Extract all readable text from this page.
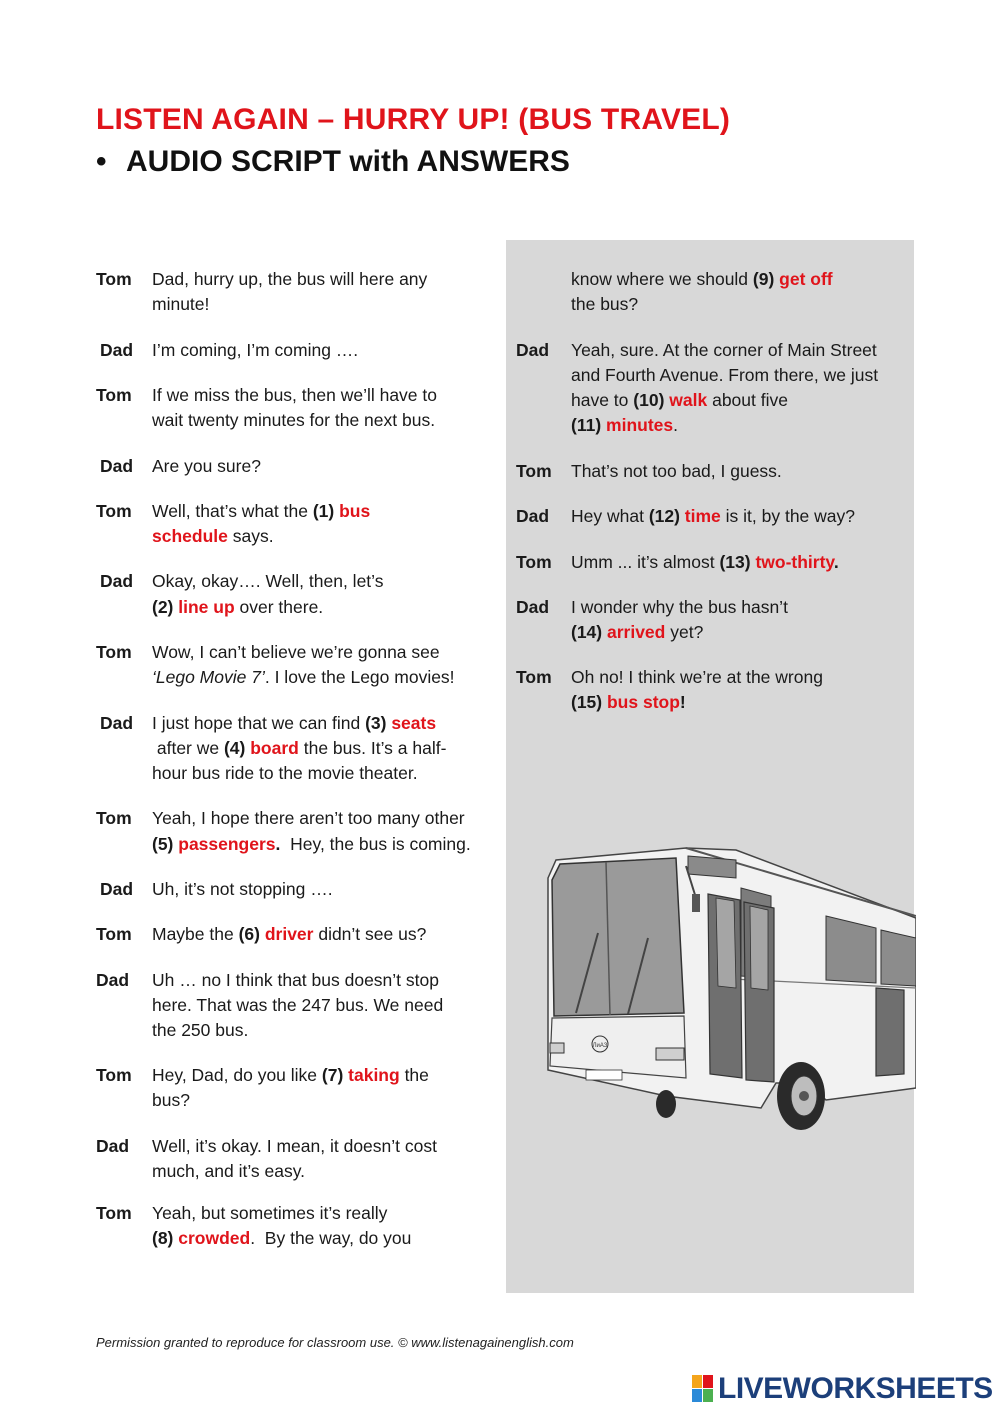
LISTEN AGAIN – HURRY UP! (BUS TRAVEL)
• AUDIO SCRIPT with ANSWERS
Tom Dad, hurry up, the bus will here any
minute!
Dad I’m coming, I’m coming ….
Tom If we miss the bus, then we’ll have to
wait twenty minutes for the next bus.
Dad Are you sure?
Tom Well, that’s what the (1) bus
schedule says.
Dad Okay, okay…. Well, then, let’s
(2) line up over there.
Tom Wow, I can’t believe we’re gonna see
‘Lego Movie 7’. I love the Lego movies!
Dad I just hope that we can find (3) seats
after we (4) board the bus. It’s a half-
hour bus ride to the movie theater.
Tom Yeah, I hope there aren’t too many other
(5) passengers.  Hey, the bus is coming.
Dad Uh, it’s not stopping ….
Tom Maybe the (6) driver didn’t see us?
Dad Uh … no I think that bus doesn’t stop
here. That was the 247 bus. We need
the 250 bus.
Tom Hey, Dad, do you like (7) taking the
bus?
Dad Well, it’s okay. I mean, it doesn’t cost
much, and it’s easy.
Tom Yeah, but sometimes it’s really
(8) crowded.  By the way, do you
know where we should (9) get off
the bus?
Dad Yeah, sure. At the corner of Main Street
and Fourth Avenue. From there, we just
have to (10) walk about five
(11) minutes.
Tom That’s not too bad, I guess.
Dad Hey what (12) time is it, by the way?
Tom Umm ... it’s almost (13) two-thirty.
Dad I wonder why the bus hasn’t
(14) arrived yet?
Tom Oh no! I think we’re at the wrong
(15) bus stop!
ЛиАЗ
Permission granted to reproduce for classroom use. © www.listenagainenglish.com
LIVEWORKSHEETS
